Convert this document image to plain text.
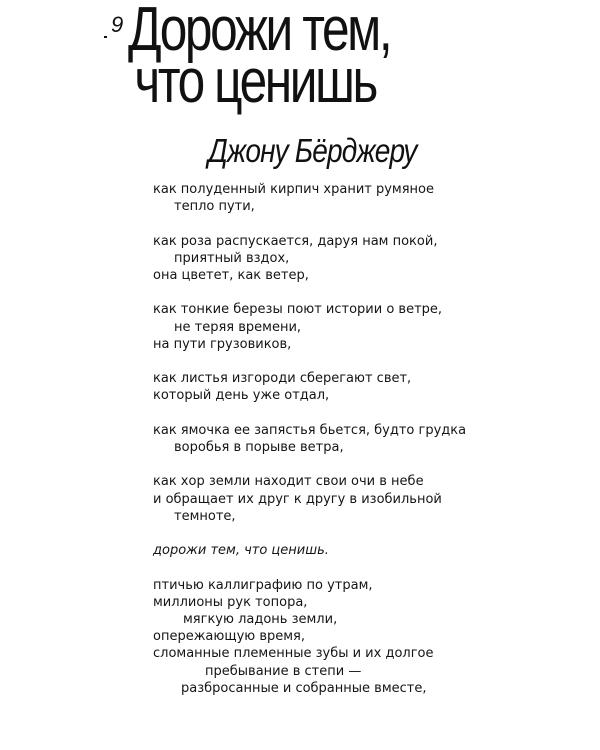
9 Дорожи тем,
что ценишь
Джону Бёрджеру

как полуденный кирпич хранит румяное
тепло пути,

как роза распускается, даруя нам покой,
приятный вздох,
она цветет, как ветер,

как тонкие березы поют истории о ветре,
не теряя времени,
на пути грузовиков,

как листья изгороди сберегают свет,
который день уже отдал,

как ямочка ее запястья бьется, будто грудка
воробья в порыве ветра,

как хор земли находит свои очи в небе
и обращает их друг к другу в изобильной
темноте,

дорожи тем, что ценишь.

птичью каллиграфию по утрам,
миллионы рук топора,
мягкую ладонь земли,
опережающую время,
сломанные племенные зубы и их долгое
пребывание в степи —
разбросанные и собранные вместе,
